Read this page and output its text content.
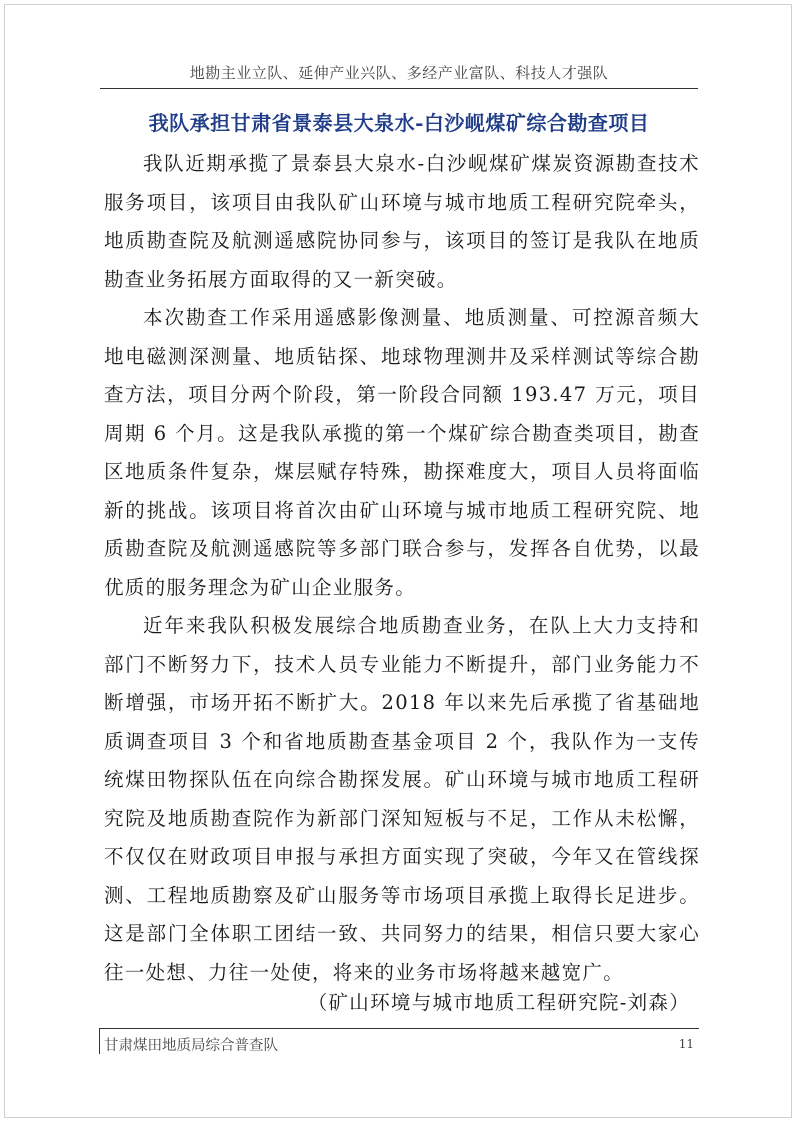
地勘主业立队、延伸产业兴队、多经产业富队、科技人才强队
我队承担甘肃省景泰县大泉水-白沙岘煤矿综合勘查项目

我队近期承揽了景泰县大泉水-白沙岘煤矿煤炭资源勘查技术服务项目，该项目由我队矿山环境与城市地质工程研究院牵头，地质勘查院及航测遥感院协同参与，该项目的签订是我队在地质勘查业务拓展方面取得的又一新突破。

本次勘查工作采用遥感影像测量、地质测量、可控源音频大地电磁测深测量、地质钻探、地球物理测井及采样测试等综合勘查方法，项目分两个阶段，第一阶段合同额 193.47 万元，项目周期 6 个月。这是我队承揽的第一个煤矿综合勘查类项目，勘查区地质条件复杂，煤层赋存特殊，勘探难度大，项目人员将面临新的挑战。该项目将首次由矿山环境与城市地质工程研究院、地质勘查院及航测遥感院等多部门联合参与，发挥各自优势，以最优质的服务理念为矿山企业服务。

近年来我队积极发展综合地质勘查业务，在队上大力支持和部门不断努力下，技术人员专业能力不断提升，部门业务能力不断增强，市场开拓不断扩大。2018 年以来先后承揽了省基础地质调查项目 3 个和省地质勘查基金项目 2 个，我队作为一支传统煤田物探队伍在向综合勘探发展。矿山环境与城市地质工程研究院及地质勘查院作为新部门深知短板与不足，工作从未松懈，不仅仅在财政项目申报与承担方面实现了突破，今年又在管线探测、工程地质勘察及矿山服务等市场项目承揽上取得长足进步。这是部门全体职工团结一致、共同努力的结果，相信只要大家心往一处想、力往一处使，将来的业务市场将越来越宽广。

（矿山环境与城市地质工程研究院-刘森）
甘肃煤田地质局综合普查队	11
